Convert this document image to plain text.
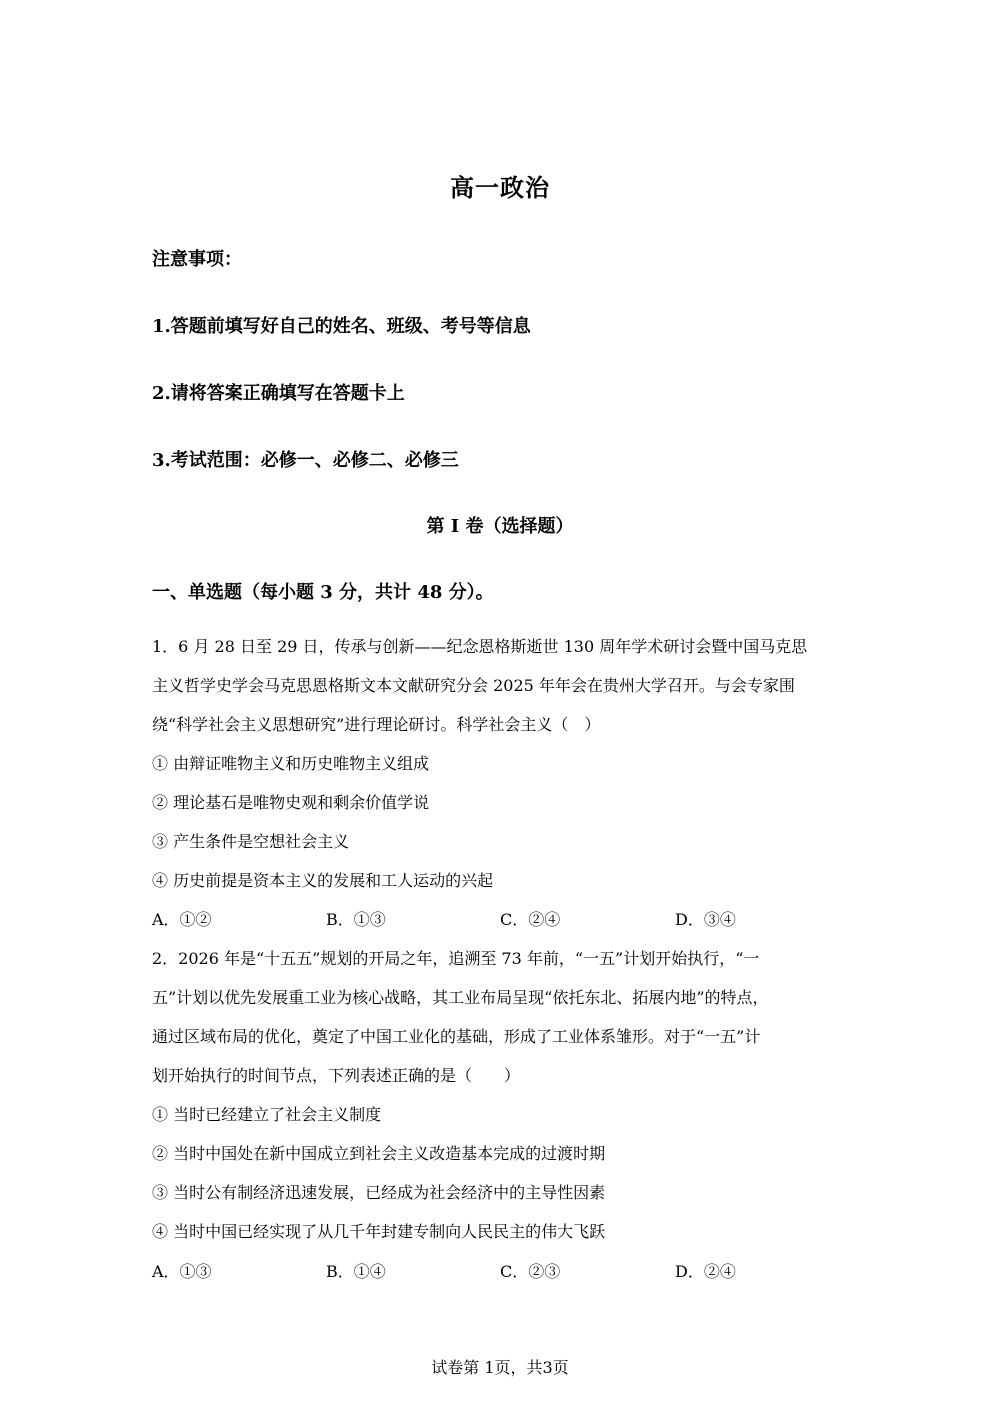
高一政治
注意事项：
1.答题前填写好自己的姓名、班级、考号等信息
2.请将答案正确填写在答题卡上
3.考试范围：必修一、必修二、必修三
第 I 卷（选择题）
一、单选题（每小题 3 分，共计 48 分）。
1．6 月 28 日至 29 日，传承与创新——纪念恩格斯逝世 130 周年学术研讨会暨中国马克思
主义哲学史学会马克思恩格斯文本文献研究分会 2025 年年会在贵州大学召开。与会专家围
绕“科学社会主义思想研究”进行理论研讨。科学社会主义（　）
① 由辩证唯物主义和历史唯物主义组成
② 理论基石是唯物史观和剩余价值学说
③ 产生条件是空想社会主义
④ 历史前提是资本主义的发展和工人运动的兴起
A．①②	B．①③	C．②④	D．③④
2．2026 年是“十五五”规划的开局之年，追溯至 73 年前，“一五”计划开始执行，“一
五”计划以优先发展重工业为核心战略，其工业布局呈现“依托东北、拓展内地”的特点，
通过区域布局的优化，奠定了中国工业化的基础，形成了工业体系雏形。对于“一五”计
划开始执行的时间节点，下列表述正确的是（　　）
① 当时已经建立了社会主义制度
② 当时中国处在新中国成立到社会主义改造基本完成的过渡时期
③ 当时公有制经济迅速发展，已经成为社会经济中的主导性因素
④ 当时中国已经实现了从几千年封建专制向人民民主的伟大飞跃
A．①③	B．①④	C．②③	D．②④
试卷第 1页，共3页
